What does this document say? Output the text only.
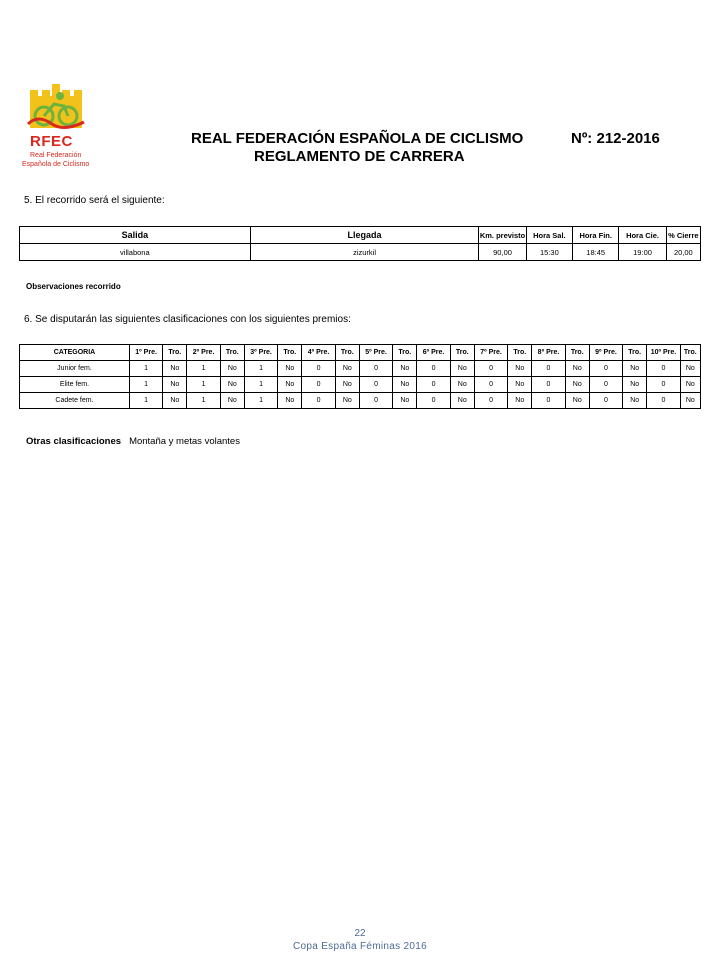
RFEC
Real Federación
Española de Ciclismo
REAL FEDERACIÓN ESPAÑOLA DE CICLISMO
REGLAMENTO DE CARRERA
Nº: 212-2016
5. El recorrido será el siguiente:
Salida	Llegada	Km. previsto	Hora Sal.	Hora Fin.	Hora Cie.	% Cierre
villabona	zizurkil	90,00	15:30	18:45	19:00	20,00
Observaciones recorrido
6. Se disputarán las siguientes clasificaciones con los siguientes premios:
CATEGORIA	1º Pre.	Tro.	2º Pre.	Tro.	3º Pre.	Tro.	4º Pre.	Tro.	5º Pre.	Tro.	6º Pre.	Tro.	7º Pre.	Tro.	8º Pre.	Tro.	9º Pre.	Tro.	10º Pre.	Tro.
Junior fem.	1	No	1	No	1	No	0	No	0	No	0	No	0	No	0	No	0	No	0	No
Elite fem.	1	No	1	No	1	No	0	No	0	No	0	No	0	No	0	No	0	No	0	No
Cadete fem.	1	No	1	No	1	No	0	No	0	No	0	No	0	No	0	No	0	No	0	No
Otras clasificaciones Montaña y metas volantes
22
Copa España Féminas 2016
